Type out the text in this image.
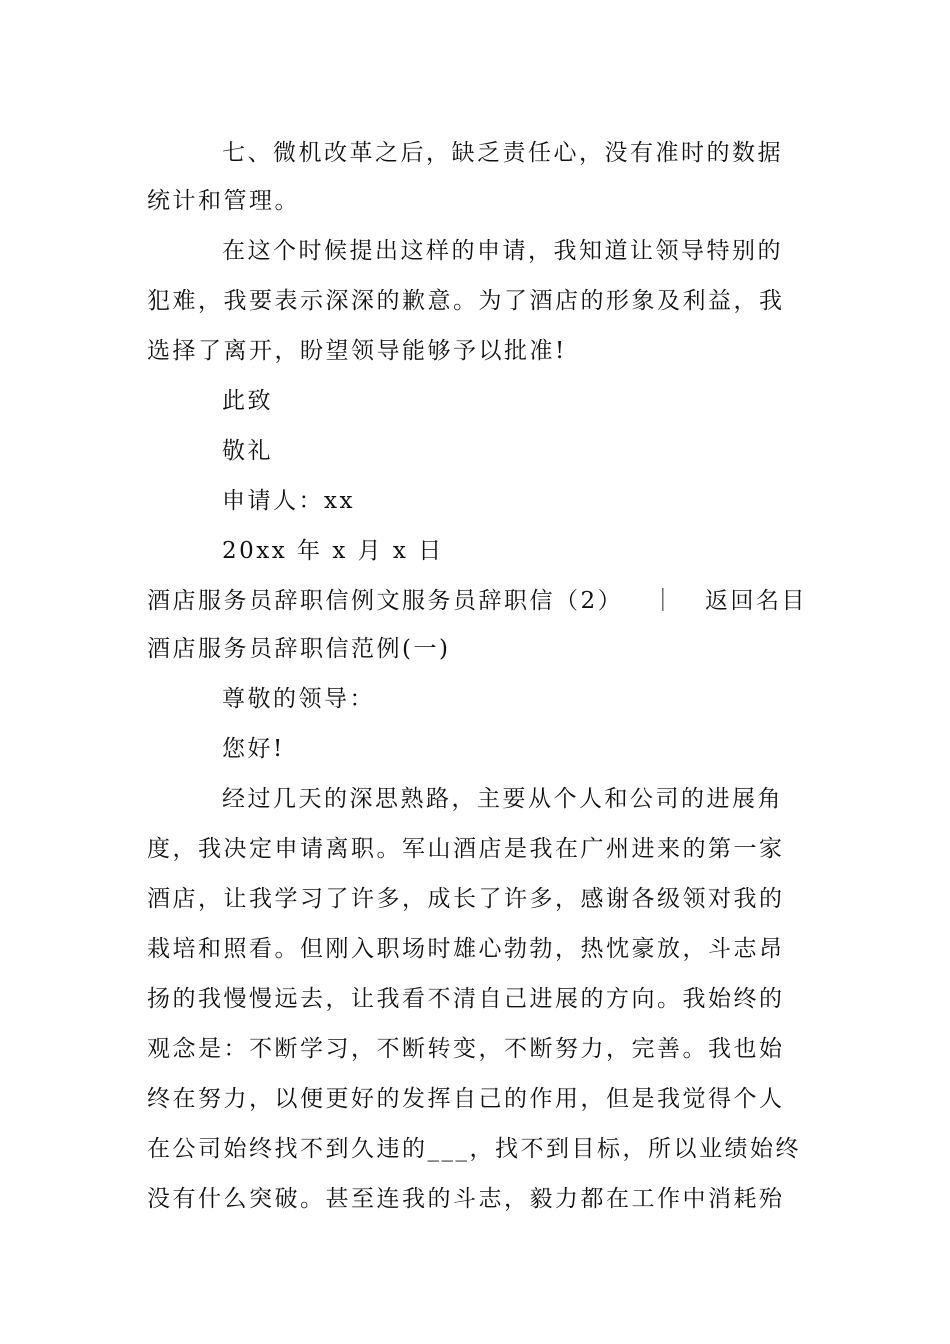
七、微机改革之后，缺乏责任心，没有准时的数据
统计和管理。
在这个时候提出这样的申请，我知道让领导特别的
犯难，我要表示深深的歉意。为了酒店的形象及利益，我
选择了离开，盼望领导能够予以批准!
此致
敬礼
申请人：xx
20xx 年 x 月 x 日
酒店服务员辞职信例文服务员辞职信（2） ｜ 返回名目
酒店服务员辞职信范例(一)
尊敬的领导：
您好!
经过几天的深思熟路，主要从个人和公司的进展角
度，我决定申请离职。军山酒店是我在广州进来的第一家
酒店，让我学习了许多，成长了许多，感谢各级领对我的
栽培和照看。但刚入职场时雄心勃勃，热忱豪放，斗志昂
扬的我慢慢远去，让我看不清自己进展的方向。我始终的
观念是：不断学习，不断转变，不断努力，完善。我也始
终在努力，以便更好的发挥自己的作用，但是我觉得个人
在公司始终找不到久违的___，找不到目标，所以业绩始终
没有什么突破。甚至连我的斗志，毅力都在工作中消耗殆
